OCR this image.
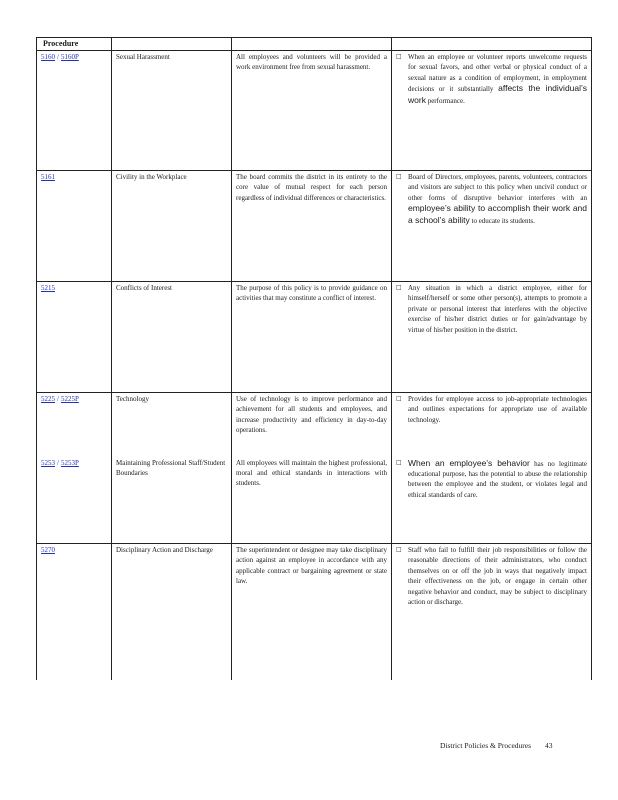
Procedure			
5160 / 5160P	Sexual Harassment	All employees and volunteers will be provided a work environment free from sexual harassment.	□ When an employee or volunteer reports unwelcome requests for sexual favors, and other verbal or physical conduct of a sexual nature as a condition of employment, in employment decisions or it substantially affects the individual’s work performance.

5161	Civility in the Workplace	The board commits the district in its entirety to the core value of mutual respect for each person regardless of individual differences or characteristics.	□ Board of Directors, employees, parents, volunteers, contractors and visitors are subject to this policy when uncivil conduct or other forms of disruptive behavior interferes with an employee’s ability to accomplish their work and a school’s ability to educate its students.

5215	Conflicts of Interest	The purpose of this policy is to provide guidance on activities that may constitute a conflict of interest.	□ Any situation in which a district employee, either for himself/herself or some other person(s), attempts to promote a private or personal interest that interferes with the objective exercise of his/her district duties or for gain/advantage by virtue of his/her position in the district.

5225 / 5225P	Technology	Use of technology is to improve performance and achievement for all students and employees, and increase productivity and efficiency in day-to-day operations.	□ Provides for employee access to job-appropriate technologies and outlines expectations for appropriate use of available technology.

5253 / 5253P	Maintaining Professional Staff/Student Boundaries	All employees will maintain the highest professional, moral and ethical standards in interactions with students.	□ When an employee’s behavior has no legitimate educational purpose, has the potential to abuse the relationship between the employee and the student, or violates legal and ethical standards of care.

5270	Disciplinary Action and Discharge	The superintendent or designee may take disciplinary action against an employee in accordance with any applicable contract or bargaining agreement or state law.	□ Staff who fail to fulfill their job responsibilities or follow the reasonable directions of their administrators, who conduct themselves on or off the job in ways that negatively impact their effectiveness on the job, or engage in certain other negative behavior and conduct, may be subject to disciplinary action or discharge.
District Policies & Procedures 43
